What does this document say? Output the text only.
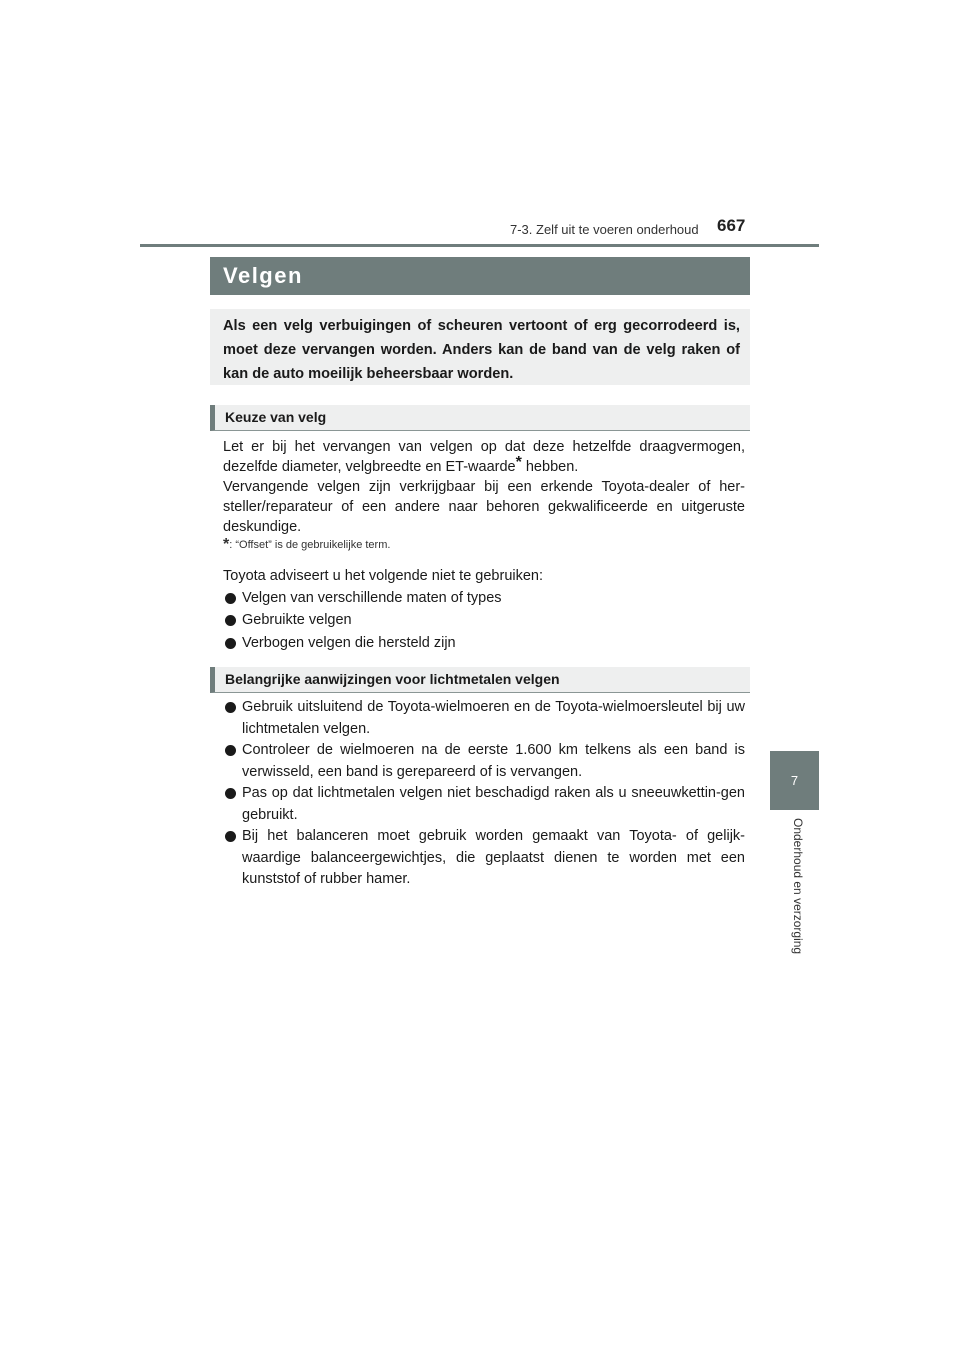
7-3. Zelf uit te voeren onderhoud 667
7
Onderhoud en verzorging
Velgen
Als een velg verbuigingen of scheuren vertoont of erg gecorrodeerd is, moet deze vervangen worden. Anders kan de band van de velg raken of kan de auto moeilijk beheersbaar worden.
Keuze van velg
Let er bij het vervangen van velgen op dat deze hetzelfde draagvermogen, dezelfde diameter, velgbreedte en ET-waarde* hebben.
Vervangende velgen zijn verkrijgbaar bij een erkende Toyota-dealer of her-steller/reparateur of een andere naar behoren gekwalificeerde en uitgeruste deskundige.
*: “Offset” is de gebruikelijke term.
Toyota adviseert u het volgende niet te gebruiken:
Velgen van verschillende maten of types
Gebruikte velgen
Verbogen velgen die hersteld zijn
Belangrijke aanwijzingen voor lichtmetalen velgen
Gebruik uitsluitend de Toyota-wielmoeren en de Toyota-wielmoersleutel bij uw lichtmetalen velgen.
Controleer de wielmoeren na de eerste 1.600 km telkens als een band is verwisseld, een band is gerepareerd of is vervangen.
Pas op dat lichtmetalen velgen niet beschadigd raken als u sneeuwkettin-gen gebruikt.
Bij het balanceren moet gebruik worden gemaakt van Toyota- of gelijk-waardige balanceergewichtjes, die geplaatst dienen te worden met een kunststof of rubber hamer.
